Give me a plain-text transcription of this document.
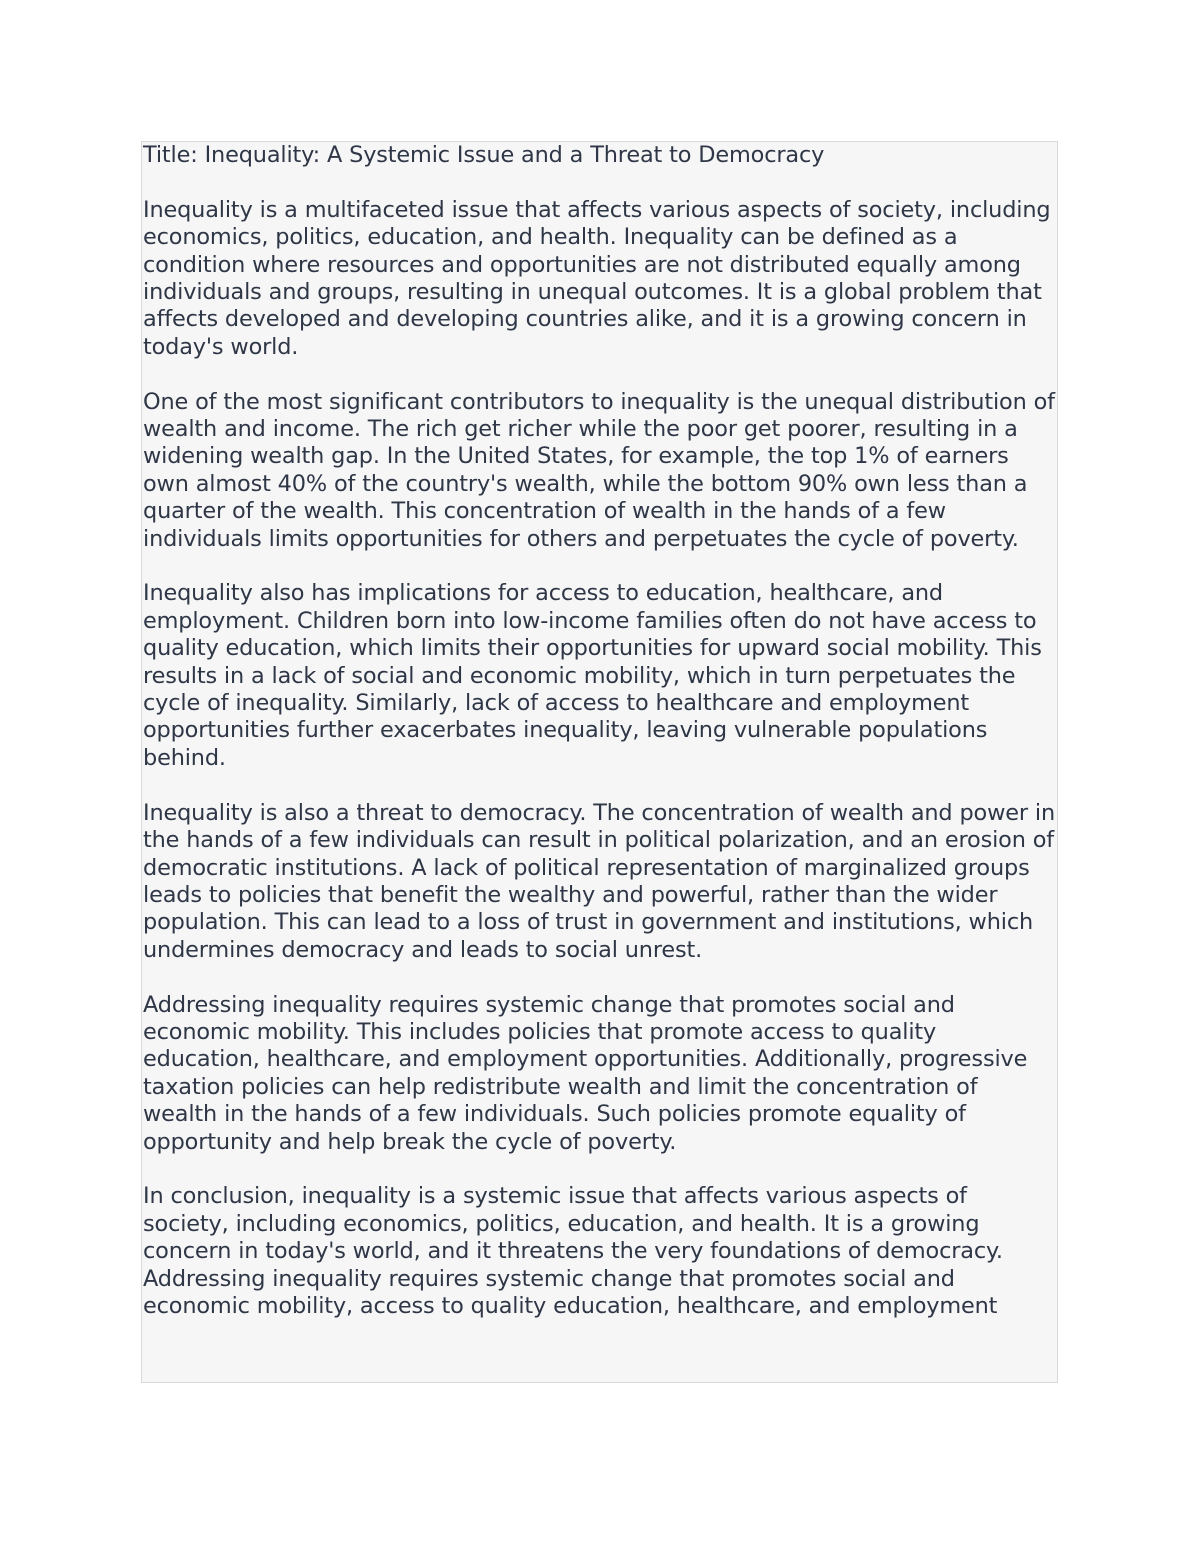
Title: Inequality: A Systemic Issue and a Threat to Democracy

Inequality is a multifaceted issue that affects various aspects of society, including economics, politics, education, and health. Inequality can be defined as a condition where resources and opportunities are not distributed equally among individuals and groups, resulting in unequal outcomes. It is a global problem that affects developed and developing countries alike, and it is a growing concern in today's world.

One of the most significant contributors to inequality is the unequal distribution of wealth and income. The rich get richer while the poor get poorer, resulting in a widening wealth gap. In the United States, for example, the top 1% of earners own almost 40% of the country's wealth, while the bottom 90% own less than a quarter of the wealth. This concentration of wealth in the hands of a few individuals limits opportunities for others and perpetuates the cycle of poverty.

Inequality also has implications for access to education, healthcare, and employment. Children born into low-income families often do not have access to quality education, which limits their opportunities for upward social mobility. This results in a lack of social and economic mobility, which in turn perpetuates the cycle of inequality. Similarly, lack of access to healthcare and employment opportunities further exacerbates inequality, leaving vulnerable populations behind.

Inequality is also a threat to democracy. The concentration of wealth and power in the hands of a few individuals can result in political polarization, and an erosion of democratic institutions. A lack of political representation of marginalized groups leads to policies that benefit the wealthy and powerful, rather than the wider population. This can lead to a loss of trust in government and institutions, which undermines democracy and leads to social unrest.

Addressing inequality requires systemic change that promotes social and economic mobility. This includes policies that promote access to quality education, healthcare, and employment opportunities. Additionally, progressive taxation policies can help redistribute wealth and limit the concentration of wealth in the hands of a few individuals. Such policies promote equality of opportunity and help break the cycle of poverty.

In conclusion, inequality is a systemic issue that affects various aspects of society, including economics, politics, education, and health. It is a growing concern in today's world, and it threatens the very foundations of democracy. Addressing inequality requires systemic change that promotes social and economic mobility, access to quality education, healthcare, and employment
